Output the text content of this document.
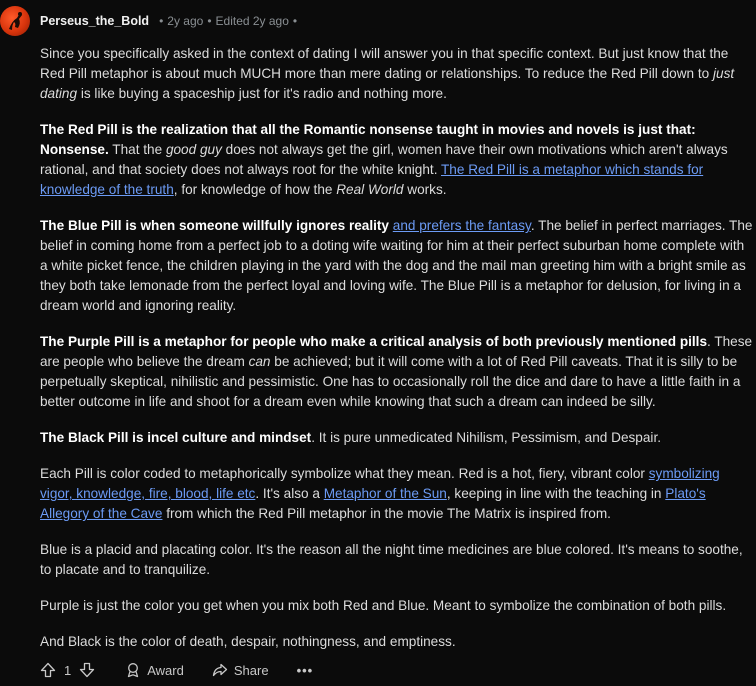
Perseus_the_Bold • 2y ago • Edited 2y ago •

Since you specifically asked in the context of dating I will answer you in that specific context. But just know that the Red Pill metaphor is about much MUCH more than mere dating or relationships. To reduce the Red Pill down to just dating is like buying a spaceship just for it's radio and nothing more.

The Red Pill is the realization that all the Romantic nonsense taught in movies and novels is just that: Nonsense. That the good guy does not always get the girl, women have their own motivations which aren't always rational, and that society does not always root for the white knight. The Red Pill is a metaphor which stands for knowledge of the truth, for knowledge of how the Real World works.

The Blue Pill is when someone willfully ignores reality and prefers the fantasy. The belief in perfect marriages. The belief in coming home from a perfect job to a doting wife waiting for him at their perfect suburban home complete with a white picket fence, the children playing in the yard with the dog and the mail man greeting him with a bright smile as they both take lemonade from the perfect loyal and loving wife. The Blue Pill is a metaphor for delusion, for living in a dream world and ignoring reality.

The Purple Pill is a metaphor for people who make a critical analysis of both previously mentioned pills. These are people who believe the dream can be achieved; but it will come with a lot of Red Pill caveats. That it is silly to be perpetually skeptical, nihilistic and pessimistic. One has to occasionally roll the dice and dare to have a little faith in a better outcome in life and shoot for a dream even while knowing that such a dream can indeed be silly.

The Black Pill is incel culture and mindset. It is pure unmedicated Nihilism, Pessimism, and Despair.

Each Pill is color coded to metaphorically symbolize what they mean. Red is a hot, fiery, vibrant color symbolizing vigor, knowledge, fire, blood, life etc. It's also a Metaphor of the Sun, keeping in line with the teaching in Plato's Allegory of the Cave from which the Red Pill metaphor in the movie The Matrix is inspired from.

Blue is a placid and placating color. It's the reason all the night time medicines are blue colored. It's means to soothe, to placate and to tranquilize.

Purple is just the color you get when you mix both Red and Blue. Meant to symbolize the combination of both pills.

And Black is the color of death, despair, nothingness, and emptiness.

1	Award	Share •••
